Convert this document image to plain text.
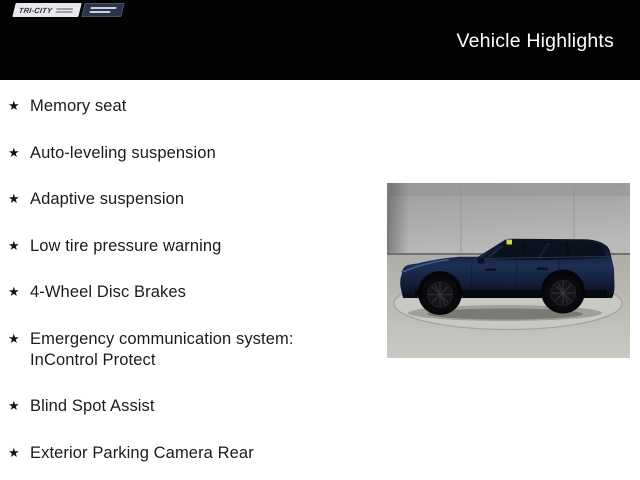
TRI-CITY
Vehicle Highlights
★ Memory seat
★ Auto-leveling suspension
★ Adaptive suspension
★ Low tire pressure warning
★ 4-Wheel Disc Brakes
★ Emergency communication system:
InControl Protect
★ Blind Spot Assist
★ Exterior Parking Camera Rear
